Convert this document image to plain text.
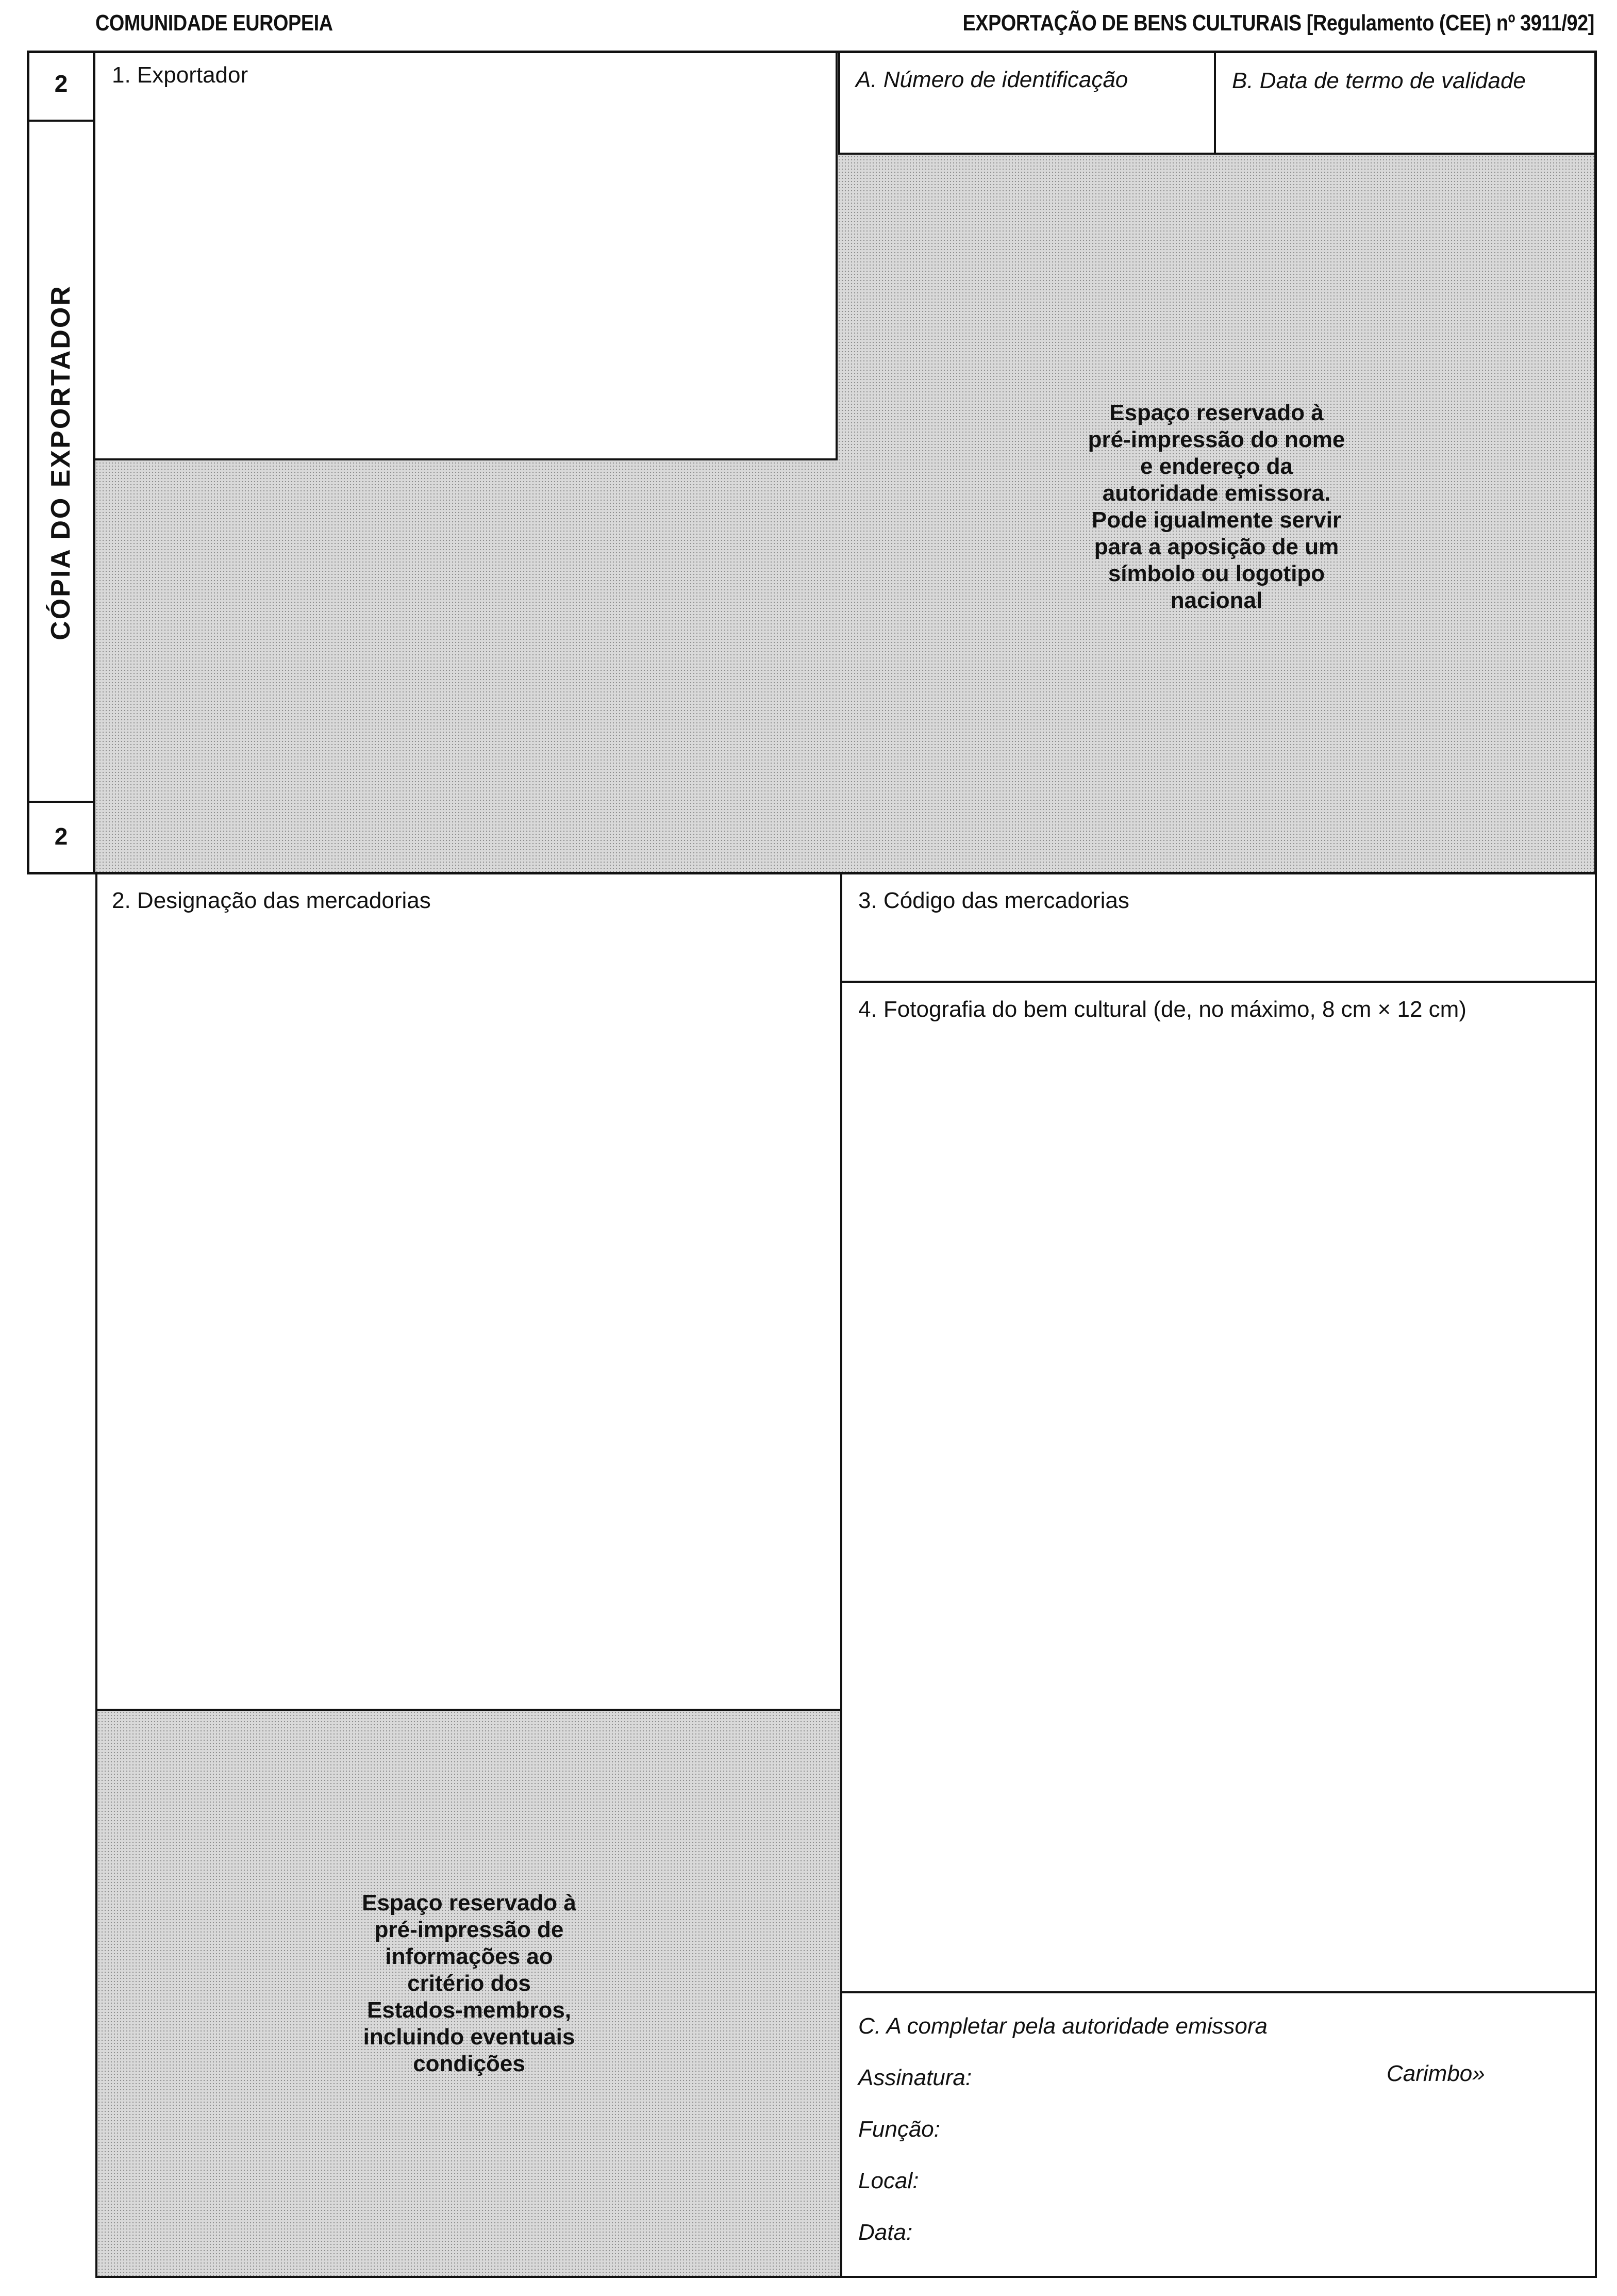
COMUNIDADE EUROPEIA	EXPORTAÇÃO DE BENS CULTURAIS [Regulamento (CEE) nº 3911/92]
1. Exportador	A. Número de identificação	B. Data de termo de validade
Espaço reservado à
pré-impressão do nome
e endereço da
autoridade emissora.
Pode igualmente servir
para a aposição de um
símbolo ou logotipo
nacional
2
2
CÓPIA DO EXPORTADOR
2. Designação das mercadorias
Espaço reservado à
pré-impressão de
informações ao
critério dos
Estados-membros,
incluindo eventuais
condições
3. Código das mercadorias
4. Fotografia do bem cultural (de, no máximo, 8 cm × 12 cm)
C. A completar pela autoridade emissora
Assinatura:	Carimbo»
Função:
Local:
Data:
